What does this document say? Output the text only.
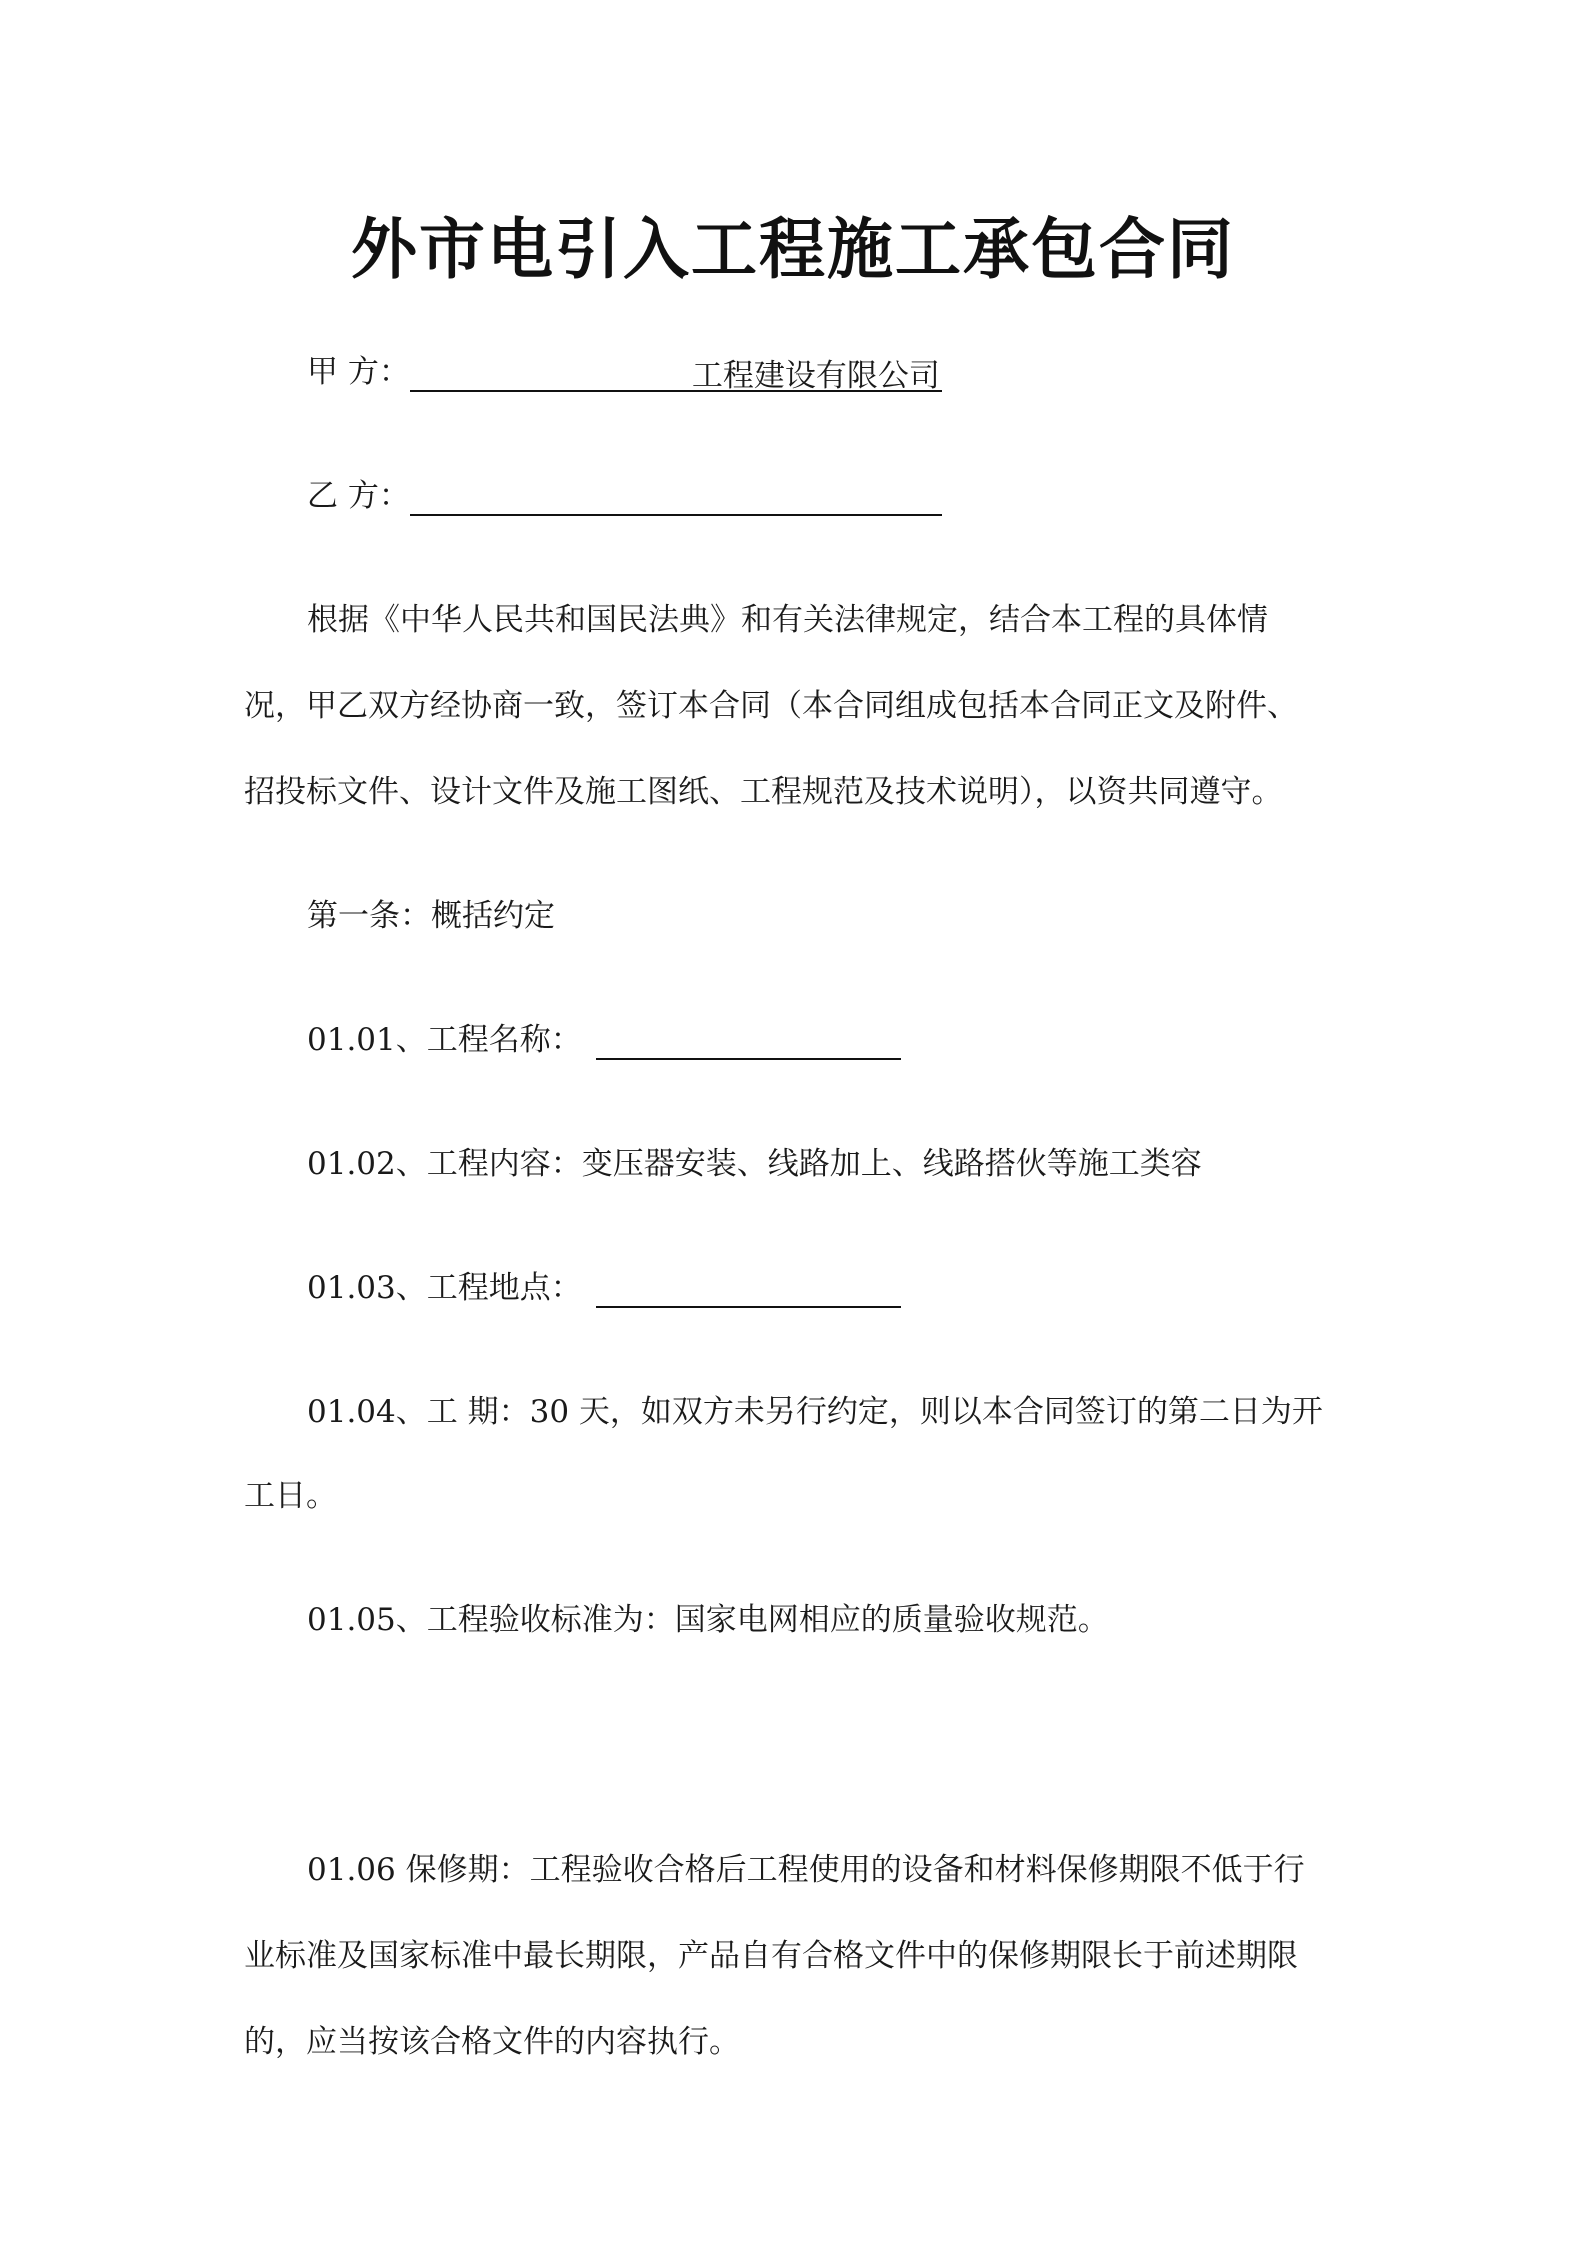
外市电引入工程施工承包合同
甲 方：	工程建设有限公司
乙 方：
根据《中华人民共和国民法典》和有关法律规定，结合本工程的具体情
况，甲乙双方经协商一致，签订本合同（本合同组成包括本合同正文及附件、
招投标文件、设计文件及施工图纸、工程规范及技术说明），以资共同遵守。
第一条：概括约定
01.01、工程名称：
01.02、工程内容：变压器安装、线路加上、线路搭伙等施工类容
01.03、工程地点：
01.04、工 期：30 天，如双方未另行约定，则以本合同签订的第二日为开
工日。
01.05、工程验收标准为：国家电网相应的质量验收规范。
01.06 保修期：工程验收合格后工程使用的设备和材料保修期限不低于行
业标准及国家标准中最长期限，产品自有合格文件中的保修期限长于前述期限
的，应当按该合格文件的内容执行。
